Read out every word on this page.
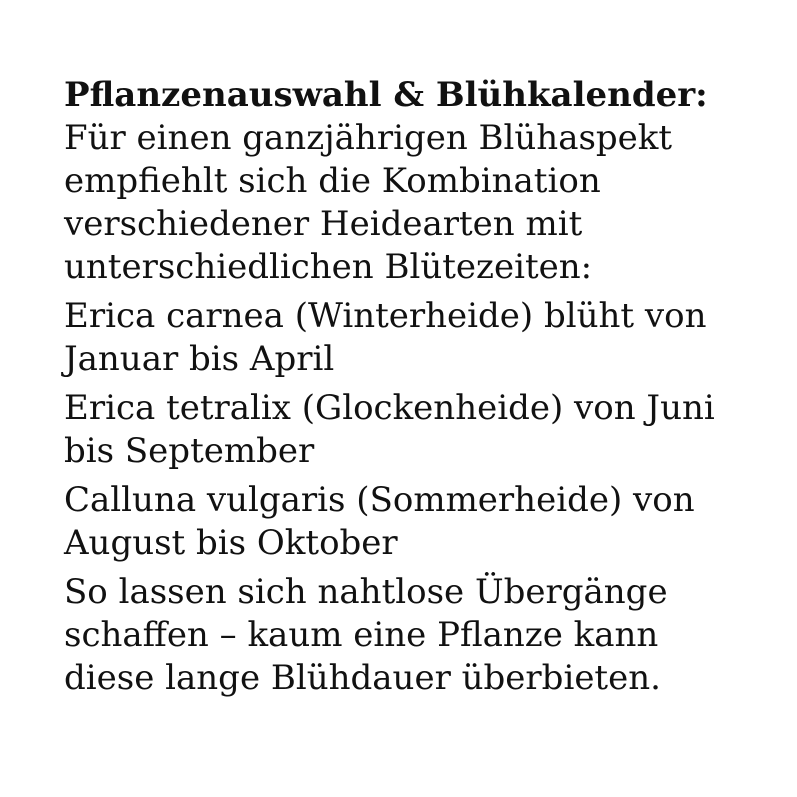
Pflanzenauswahl & Blühkalender: Für einen ganzjährigen Blühaspekt empfiehlt sich die Kombination verschiedener Heidearten mit unterschiedlichen Blütezeiten:

Erica carnea (Winterheide) blüht von Januar bis April

Erica tetralix (Glockenheide) von Juni bis September

Calluna vulgaris (Sommerheide) von August bis Oktober

So lassen sich nahtlose Übergänge schaffen – kaum eine Pflanze kann diese lange Blühdauer überbieten.
